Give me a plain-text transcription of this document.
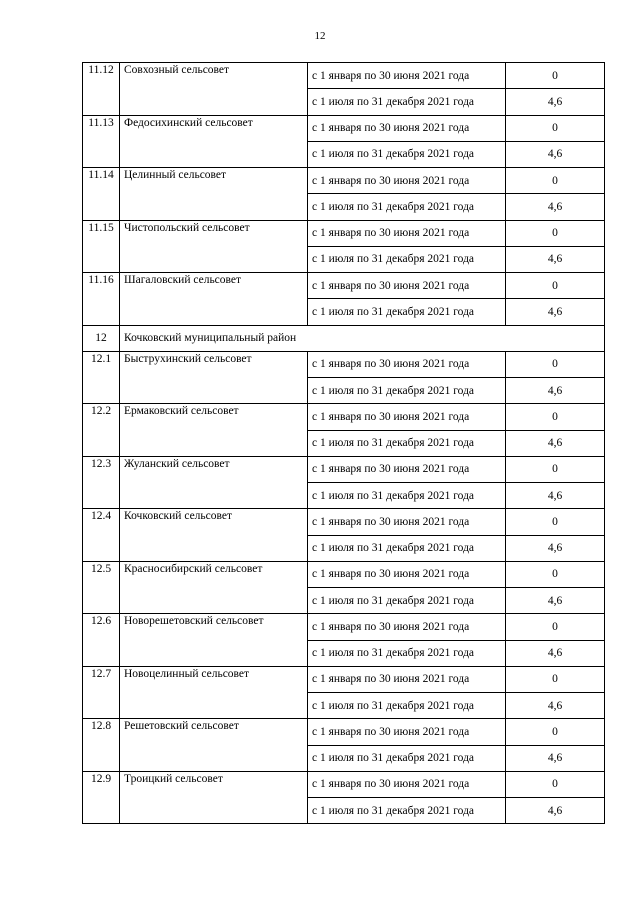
12
11.12	Совхозный сельсовет	с 1 января по 30 июня 2021 года	0
		с 1 июля по 31 декабря 2021 года	4,6
11.13	Федосихинский сельсовет	с 1 января по 30 июня 2021 года	0
		с 1 июля по 31 декабря 2021 года	4,6
11.14	Целинный сельсовет	с 1 января по 30 июня 2021 года	0
		с 1 июля по 31 декабря 2021 года	4,6
11.15	Чистопольский сельсовет	с 1 января по 30 июня 2021 года	0
		с 1 июля по 31 декабря 2021 года	4,6
11.16	Шагаловский сельсовет	с 1 января по 30 июня 2021 года	0
		с 1 июля по 31 декабря 2021 года	4,6
12	Кочковский муниципальный район		
12.1	Быструхинский сельсовет	с 1 января по 30 июня 2021 года	0
		с 1 июля по 31 декабря 2021 года	4,6
12.2	Ермаковский сельсовет	с 1 января по 30 июня 2021 года	0
		с 1 июля по 31 декабря 2021 года	4,6
12.3	Жуланский сельсовет	с 1 января по 30 июня 2021 года	0
		с 1 июля по 31 декабря 2021 года	4,6
12.4	Кочковский сельсовет	с 1 января по 30 июня 2021 года	0
		с 1 июля по 31 декабря 2021 года	4,6
12.5	Красносибирский сельсовет	с 1 января по 30 июня 2021 года	0
		с 1 июля по 31 декабря 2021 года	4,6
12.6	Новорешетовский сельсовет	с 1 января по 30 июня 2021 года	0
		с 1 июля по 31 декабря 2021 года	4,6
12.7	Новоцелинный сельсовет	с 1 января по 30 июня 2021 года	0
		с 1 июля по 31 декабря 2021 года	4,6
12.8	Решетовский сельсовет	с 1 января по 30 июня 2021 года	0
		с 1 июля по 31 декабря 2021 года	4,6
12.9	Троицкий сельсовет	с 1 января по 30 июня 2021 года	0
		с 1 июля по 31 декабря 2021 года	4,6
